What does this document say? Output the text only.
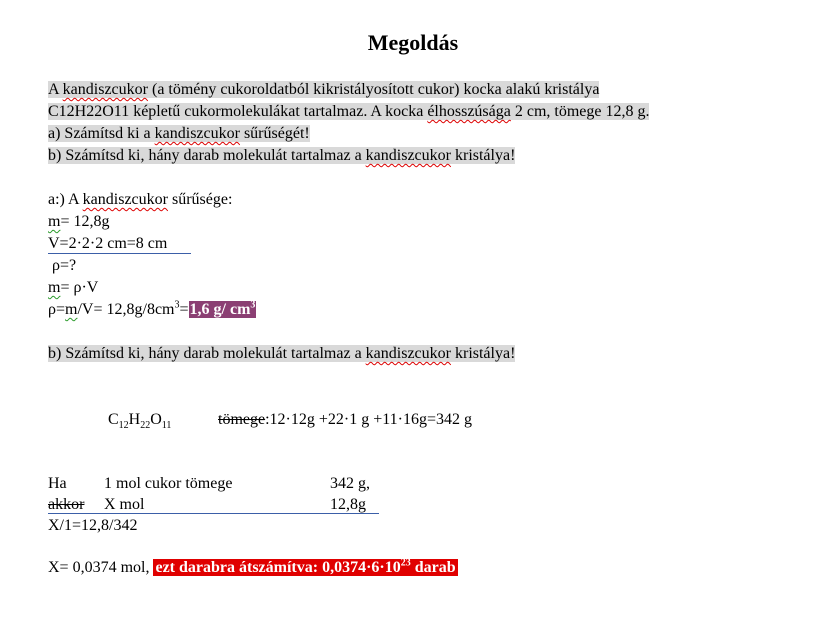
Megoldás
A kandiszcukor (a tömény cukoroldatból kikristályosított cukor) kocka alakú kristálya
C12H22O11 képletű cukormolekulákat tartalmaz. A kocka élhosszúsága 2 cm, tömege 12,8 g.
a) Számítsd ki a kandiszcukor sűrűségét!
b) Számítsd ki, hány darab molekulát tartalmaz a kandiszcukor kristálya!
a:) A kandiszcukor sűrűsége:
m= 12,8g
V=2·2·2 cm=8 cm
ρ=?
m= ρ·V
$\rho=m/V= 12,8g/8cm^3=1,6$ g/ $cm^3$
b) Számítsd ki, hány darab molekulát tartalmaz a kandiszcukor kristálya!
$C_{12}H_{22}O_{11}$	tömege:12·12g +22·1 g +11·16g=342 g
Ha 1 mol cukor tömege	342 g,
akkor X mol	12,8g
X/1=12,8/342
X= 0,0374 mol, ezt darabra átszámítva: $0,0374\cdot 6\cdot 10^{23}$ darab
